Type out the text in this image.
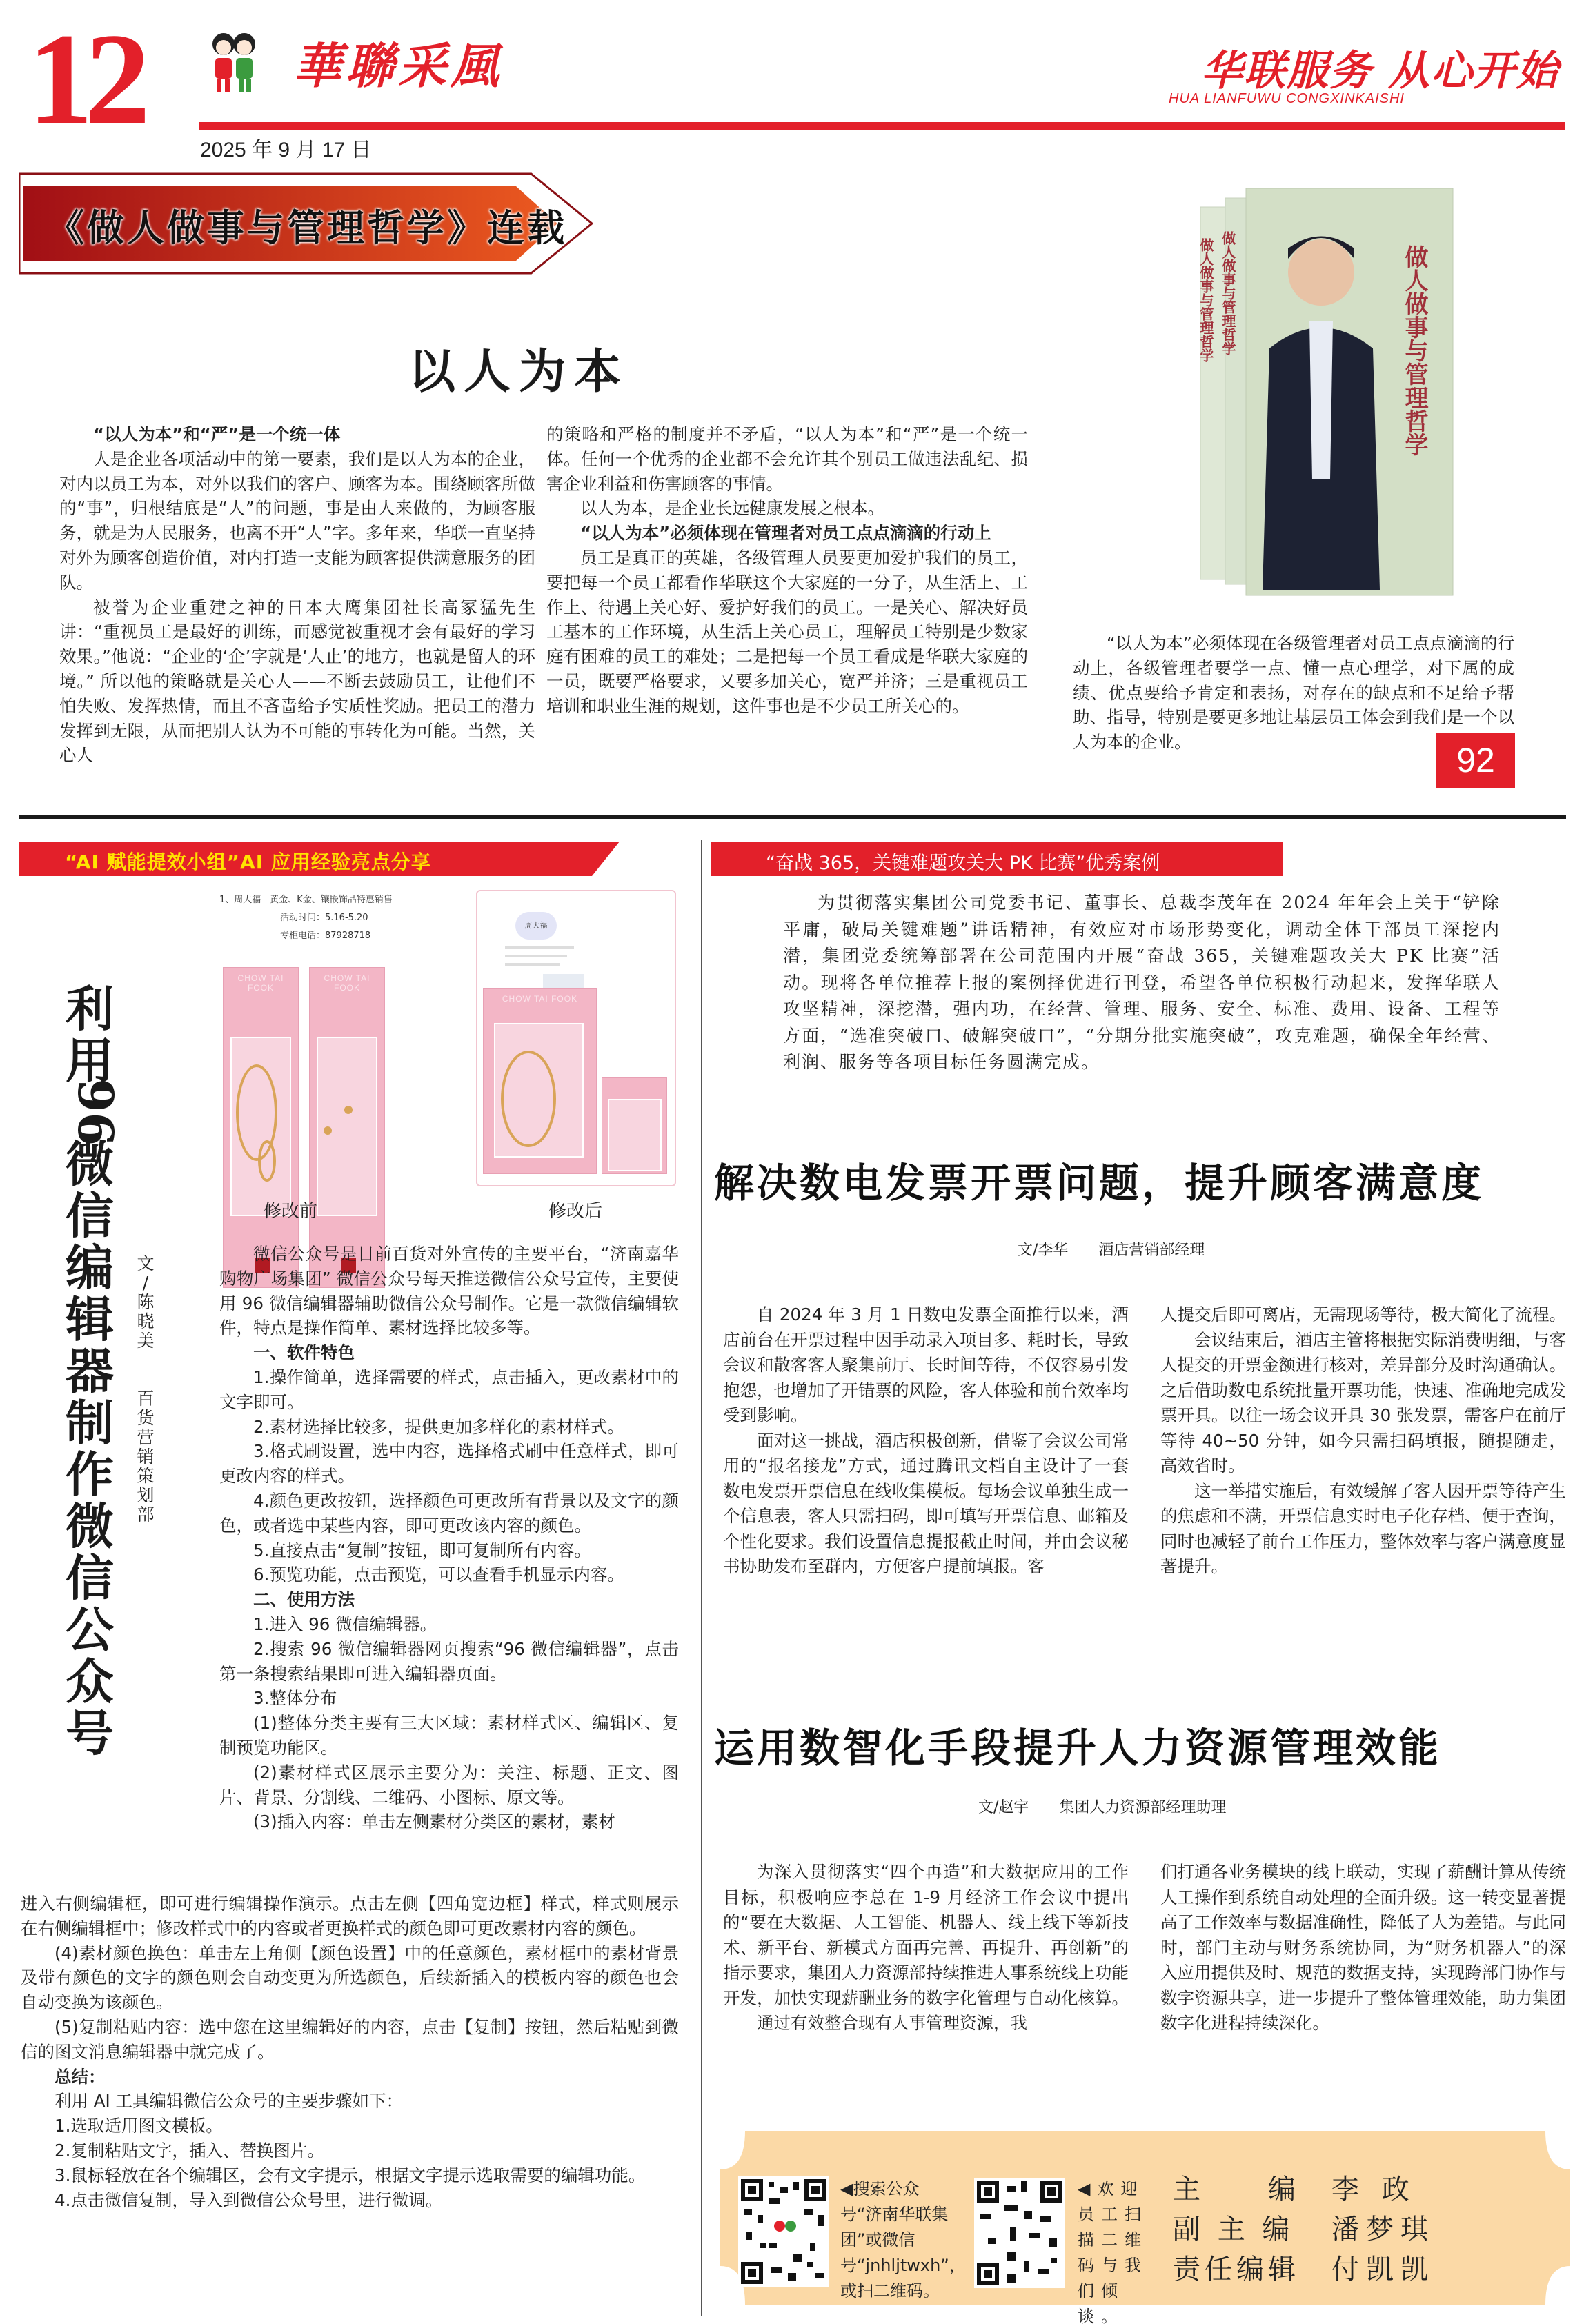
12	華聯采風
2025 年 9 月 17 日
华联服务 从心开始
HUA LIANFUWU CONGXINKAISHI
《做人做事与管理哲学》连载
以人为本

“以人为本”和“严”是一个统一体

人是企业各项活动中的第一要素，我们是以人为本的企业，对内以员工为本，对外以我们的客户、顾客为本。围绕顾客所做的“事”，归根结底是“人”的问题，事是由人来做的，为顾客服务，就是为人民服务，也离不开“人”字。多年来，华联一直坚持对外为顾客创造价值，对内打造一支能为顾客提供满意服务的团队。

被誉为企业重建之神的日本大鹰集团社长高冢猛先生讲：“重视员工是最好的训练，而感觉被重视才会有最好的学习效果。”他说：“企业的‘企’字就是‘人止’的地方，也就是留人的环境。” 所以他的策略就是关心人——不断去鼓励员工，让他们不怕失败、发挥热情，而且不吝啬给予实质性奖励。把员工的潜力发挥到无限，从而把别人认为不可能的事转化为可能。当然，关心人

的策略和严格的制度并不矛盾，“以人为本”和“严”是一个统一体。任何一个优秀的企业都不会允许其个别员工做违法乱纪、损害企业利益和伤害顾客的事情。

以人为本，是企业长远健康发展之根本。

“以人为本”必须体现在管理者对员工点点滴滴的行动上

员工是真正的英雄，各级管理人员要更加爱护我们的员工，要把每一个员工都看作华联这个大家庭的一分子，从生活上、工作上、待遇上关心好、爱护好我们的员工。一是关心、解决好员工基本的工作环境，从生活上关心员工，理解员工特别是少数家庭有困难的员工的难处；二是把每一个员工看成是华联大家庭的一员，既要严格要求，又要多加关心，宽严并济；三是重视员工培训和职业生涯的规划，这件事也是不少员工所关心的。

做人做事与管理哲学 做人做事与管理哲学	做人做事与管理哲学

“以人为本”必须体现在各级管理者对员工点点滴滴的行动上，各级管理者要学一点、懂一点心理学，对下属的成绩、优点要给予肯定和表扬，对存在的缺点和不足给予帮助、指导，特别是要更多地让基层员工体会到我们是一个以人为本的企业。	92
“AI 赋能提效小组”AI 应用经验亮点分享
利
用
96
微
信
编
辑
器
制
作
微
信
公
众
号
文
/
陈
晓
美

百
货
营
销
策
划
部
1、周大福　黄金、K金、镶嵌饰品特惠销售
活动时间：5.16-5.20
专柜电话：87928718
CHOW TAI FOOK
CHOW TAI FOOK
修改前
周大福
CHOW TAI FOOK
修改后

微信公众号是目前百货对外宣传的主要平台，“济南嘉华购物广场集团” 微信公众号每天推送微信公众号宣传，主要使用 96 微信编辑器辅助微信公众号制作。它是一款微信编辑软件，特点是操作简单、素材选择比较多等。

一、软件特色

1.操作简单，选择需要的样式，点击插入，更改素材中的文字即可。

2.素材选择比较多，提供更加多样化的素材样式。

3.格式刷设置，选中内容，选择格式刷中任意样式，即可更改内容的样式。

4.颜色更改按钮，选择颜色可更改所有背景以及文字的颜色，或者选中某些内容，即可更改该内容的颜色。

5.直接点击“复制”按钮，即可复制所有内容。

6.预览功能，点击预览，可以查看手机显示内容。

二、使用方法

1.进入 96 微信编辑器。

2.搜索 96 微信编辑器网页搜索“96 微信编辑器”，点击第一条搜索结果即可进入编辑器页面。

3.整体分布

(1)整体分类主要有三大区域：素材样式区、编辑区、复制预览功能区。

(2)素材样式区展示主要分为：关注、标题、正文、图片、背景、分割线、二维码、小图标、原文等。

(3)插入内容：单击左侧素材分类区的素材，素材

进入右侧编辑框，即可进行编辑操作演示。点击左侧【四角宽边框】样式，样式则展示在右侧编辑框中；修改样式中的内容或者更换样式的颜色即可更改素材内容的颜色。

(4)素材颜色换色：单击左上角侧【颜色设置】中的任意颜色，素材框中的素材背景及带有颜色的文字的颜色则会自动变更为所选颜色，后续新插入的模板内容的颜色也会自动变换为该颜色。

(5)复制粘贴内容：选中您在这里编辑好的内容，点击【复制】按钮，然后粘贴到微信的图文消息编辑器中就完成了。

总结：

利用 AI 工具编辑微信公众号的主要步骤如下：

1.选取适用图文模板。

2.复制粘贴文字，插入、替换图片。

3.鼠标轻放在各个编辑区，会有文字提示，根据文字提示选取需要的编辑功能。

4.点击微信复制，导入到微信公众号里，进行微调。

“奋战 365，关键难题攻关大 PK 比赛”优秀案例

为贯彻落实集团公司党委书记、董事长、总裁李茂年在 2024 年年会上关于“铲除平庸，破局关键难题”讲话精神，有效应对市场形势变化，调动全体干部员工深挖内潜，集团党委统筹部署在公司范围内开展“奋战 365，关键难题攻关大 PK 比赛”活动。现将各单位推荐上报的案例择优进行刊登，希望各单位积极行动起来，发挥华联人攻坚精神，深挖潜，强内功，在经营、管理、服务、安全、标准、费用、设备、工程等方面，“选准突破口、破解突破口”，“分期分批实施突破”，攻克难题，确保全年经营、利润、服务等各项目标任务圆满完成。

解决数电发票开票问题，提升顾客满意度
文/李华　　酒店营销部经理

自 2024 年 3 月 1 日数电发票全面推行以来，酒店前台在开票过程中因手动录入项目多、耗时长，导致会议和散客客人聚集前厅、长时间等待，不仅容易引发抱怨，也增加了开错票的风险，客人体验和前台效率均受到影响。

面对这一挑战，酒店积极创新，借鉴了会议公司常用的“报名接龙”方式，通过腾讯文档自主设计了一套数电发票开票信息在线收集模板。每场会议单独生成一个信息表，客人只需扫码，即可填写开票信息、邮箱及个性化要求。我们设置信息提报截止时间，并由会议秘书协助发布至群内，方便客户提前填报。客

人提交后即可离店，无需现场等待，极大简化了流程。

会议结束后，酒店主管将根据实际消费明细，与客人提交的开票金额进行核对，差异部分及时沟通确认。之后借助数电系统批量开票功能，快速、准确地完成发票开具。以往一场会议开具 30 张发票，需客户在前厅等待 40~50 分钟，如今只需扫码填报，随提随走，高效省时。

这一举措实施后，有效缓解了客人因开票等待产生的焦虑和不满，开票信息实时电子化存档、便于查询，同时也减轻了前台工作压力，整体效率与客户满意度显著提升。

运用数智化手段提升人力资源管理效能
文/赵宇　　集团人力资源部经理助理

为深入贯彻落实“四个再造”和大数据应用的工作目标，积极响应李总在 1-9 月经济工作会议中提出的“要在大数据、人工智能、机器人、线上线下等新技术、新平台、新模式方面再完善、再提升、再创新”的指示要求，集团人力资源部持续推进人事系统线上功能开发，加快实现薪酬业务的数字化管理与自动化核算。

通过有效整合现有人事管理资源，我

们打通各业务模块的线上联动，实现了薪酬计算从传统人工操作到系统自动处理的全面升级。这一转变显著提高了工作效率与数据准确性，降低了人为差错。与此同时，部门主动与财务系统协同，为“财务机器人”的深入应用提供及时、规范的数据支持，实现跨部门协作与数字资源共享，进一步提升了整体管理效能，助力集团数字化进程持续深化。

◀搜索公众号“济南华联集团”或微信号“jnhljtwxh”，或扫二维码。
◀欢迎员工扫描二维码与我们倾谈。
主　　编	李 政
副 主 编	潘梦琪
责任编辑	付凯凯
